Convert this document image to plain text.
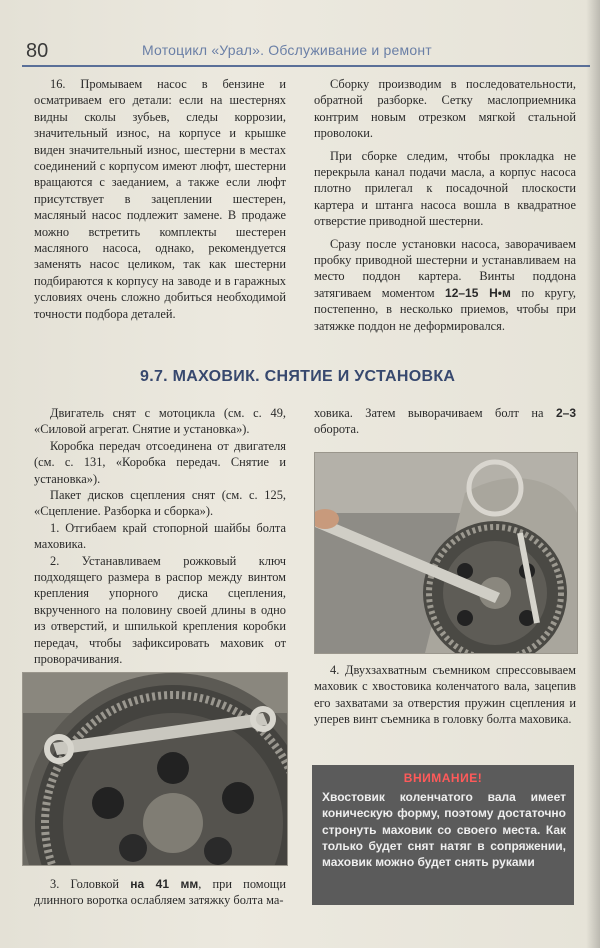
80	Мотоцикл «Урал». Обслуживание и ремонт

16. Промываем насос в бензине и осматриваем его детали: если на шестернях видны сколы зубьев, следы коррозии, значительный износ, на корпусе и крышке виден значительный износ, шестерни в местах соединений с корпусом имеют люфт, шестерни вращаются с заеданием, а также если люфт присутствует в зацеплении шестерен, масляный насос подлежит замене. В продаже можно встретить комплекты шестерен масляного насоса, однако, рекомендуется заменять насос целиком, так как шестерни подбираются к корпусу на заводе и в гаражных условиях очень сложно добиться необходимой точности подбора деталей.

Сборку производим в последовательности, обратной разборке. Сетку маслоприемника контрим новым отрезком мягкой стальной проволоки.

При сборке следим, чтобы прокладка не перекрыла канал подачи масла, а корпус насоса плотно прилегал к посадочной плоскости картера и штанга насоса вошла в квадратное отверстие приводной шестерни.

Сразу после установки насоса, заворачиваем пробку приводной шестерни и устанавливаем на место поддон картера. Винты поддона затягиваем моментом 12–15 Н•м по кругу, постепенно, в несколько приемов, чтобы при затяжке поддон не деформировался.

9.7. МАХОВИК. СНЯТИЕ И УСТАНОВКА

Двигатель снят с мотоцикла (см. с. 49, «Силовой агрегат. Снятие и установка»).

Коробка передач отсоединена от двигателя (см. с. 131, «Коробка передач. Снятие и установка»).

Пакет дисков сцепления снят (см. с. 125, «Сцепление. Разборка и сборка»).

1. Отгибаем край стопорной шайбы болта маховика.

2. Устанавливаем рожковый ключ подходящего размера в распор между винтом крепления упорного диска сцепления, вкрученного на половину своей длины в одно из отверстий, и шпилькой крепления коробки передач, чтобы зафиксировать маховик от проворачивания.

3. Головкой на 41 мм, при помощи длинного воротка ослабляем затяжку болта ма-

ховика. Затем выворачиваем болт на 2–3 оборота.

4. Двухзахватным съемником спрессовываем маховик с хвостовика коленчатого вала, зацепив его захватами за отверстия пружин сцепления и уперев винт съемника в головку болта маховика.

ВНИМАНИЕ!
Хвостовик коленчатого вала имеет коническую форму, поэтому достаточно стронуть маховик со своего места. Как только будет снят натяг в сопряжении, маховик можно будет снять руками
